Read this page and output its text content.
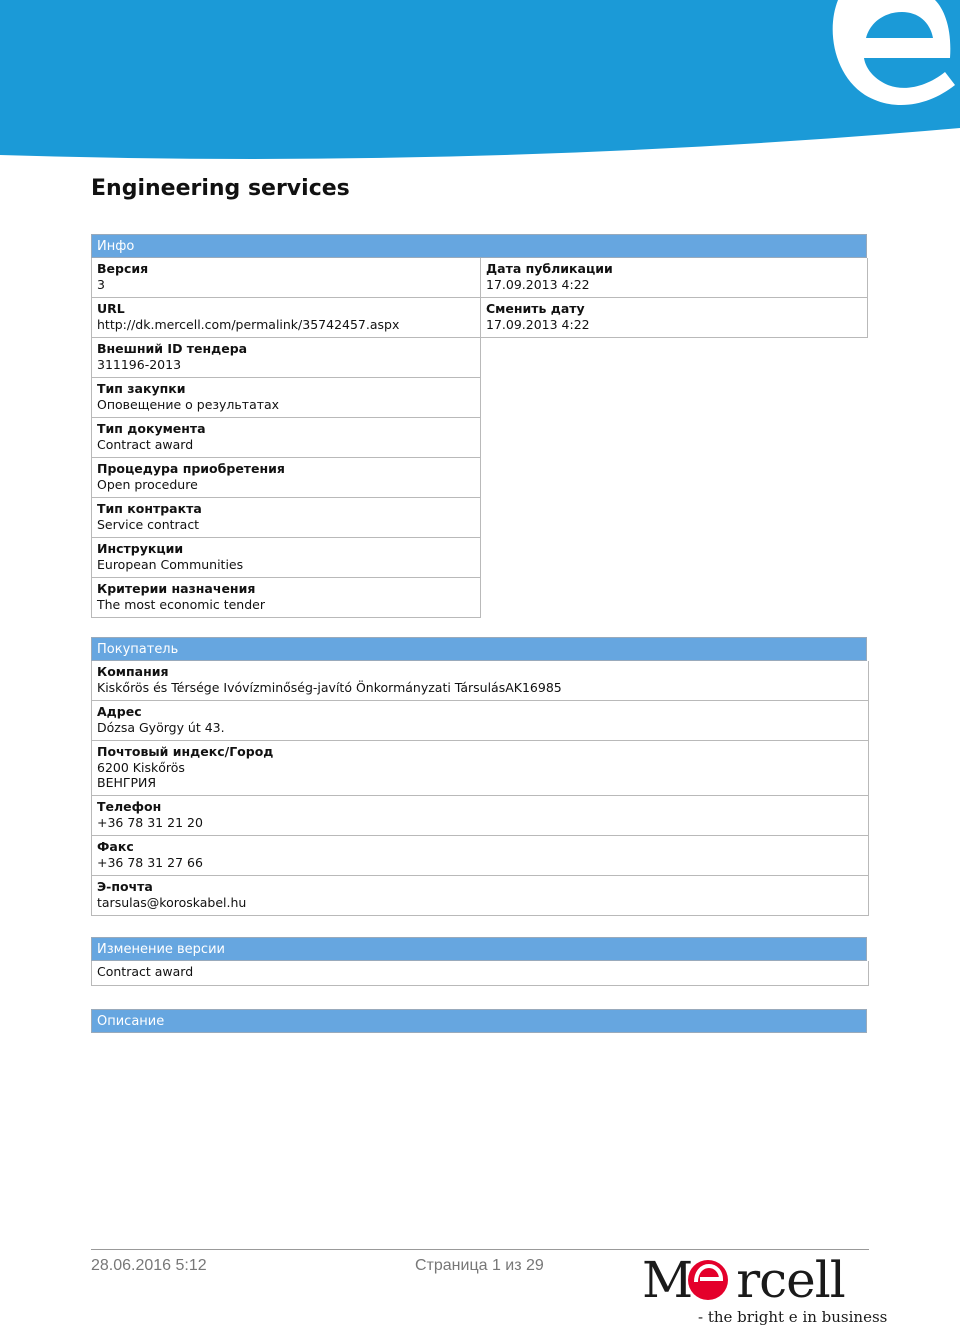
Engineering services
Инфо
Версия
3
URL
http://dk.mercell.com/permalink/35742457.aspx
Внешний ID тендера
311196-2013
Тип закупки
Оповещение о результатах
Тип документа
Contract award
Процедура приобретения
Open procedure
Тип контракта
Service contract
Инструкции
European Communities
Критерии назначения
The most economic tender
Дата публикации
17.09.2013 4:22
Сменить дату
17.09.2013 4:22
Покупатель
Компания
Kiskőrös és Térsége Ivóvízminőség-javító Önkormányzati TársulásAK16985
Адрес
Dózsa György út 43.
Почтовый индекс/Город
6200 Kiskőrös
ВЕНГРИЯ
Телефон
+36 78 31 21 20
Факс
+36 78 31 27 66
Э-почта
tarsulas@koroskabel.hu
Изменение версии
Contract award
Описание
28.06.2016 5:12	Страница 1 из 29 M rcell
- the bright e in business
